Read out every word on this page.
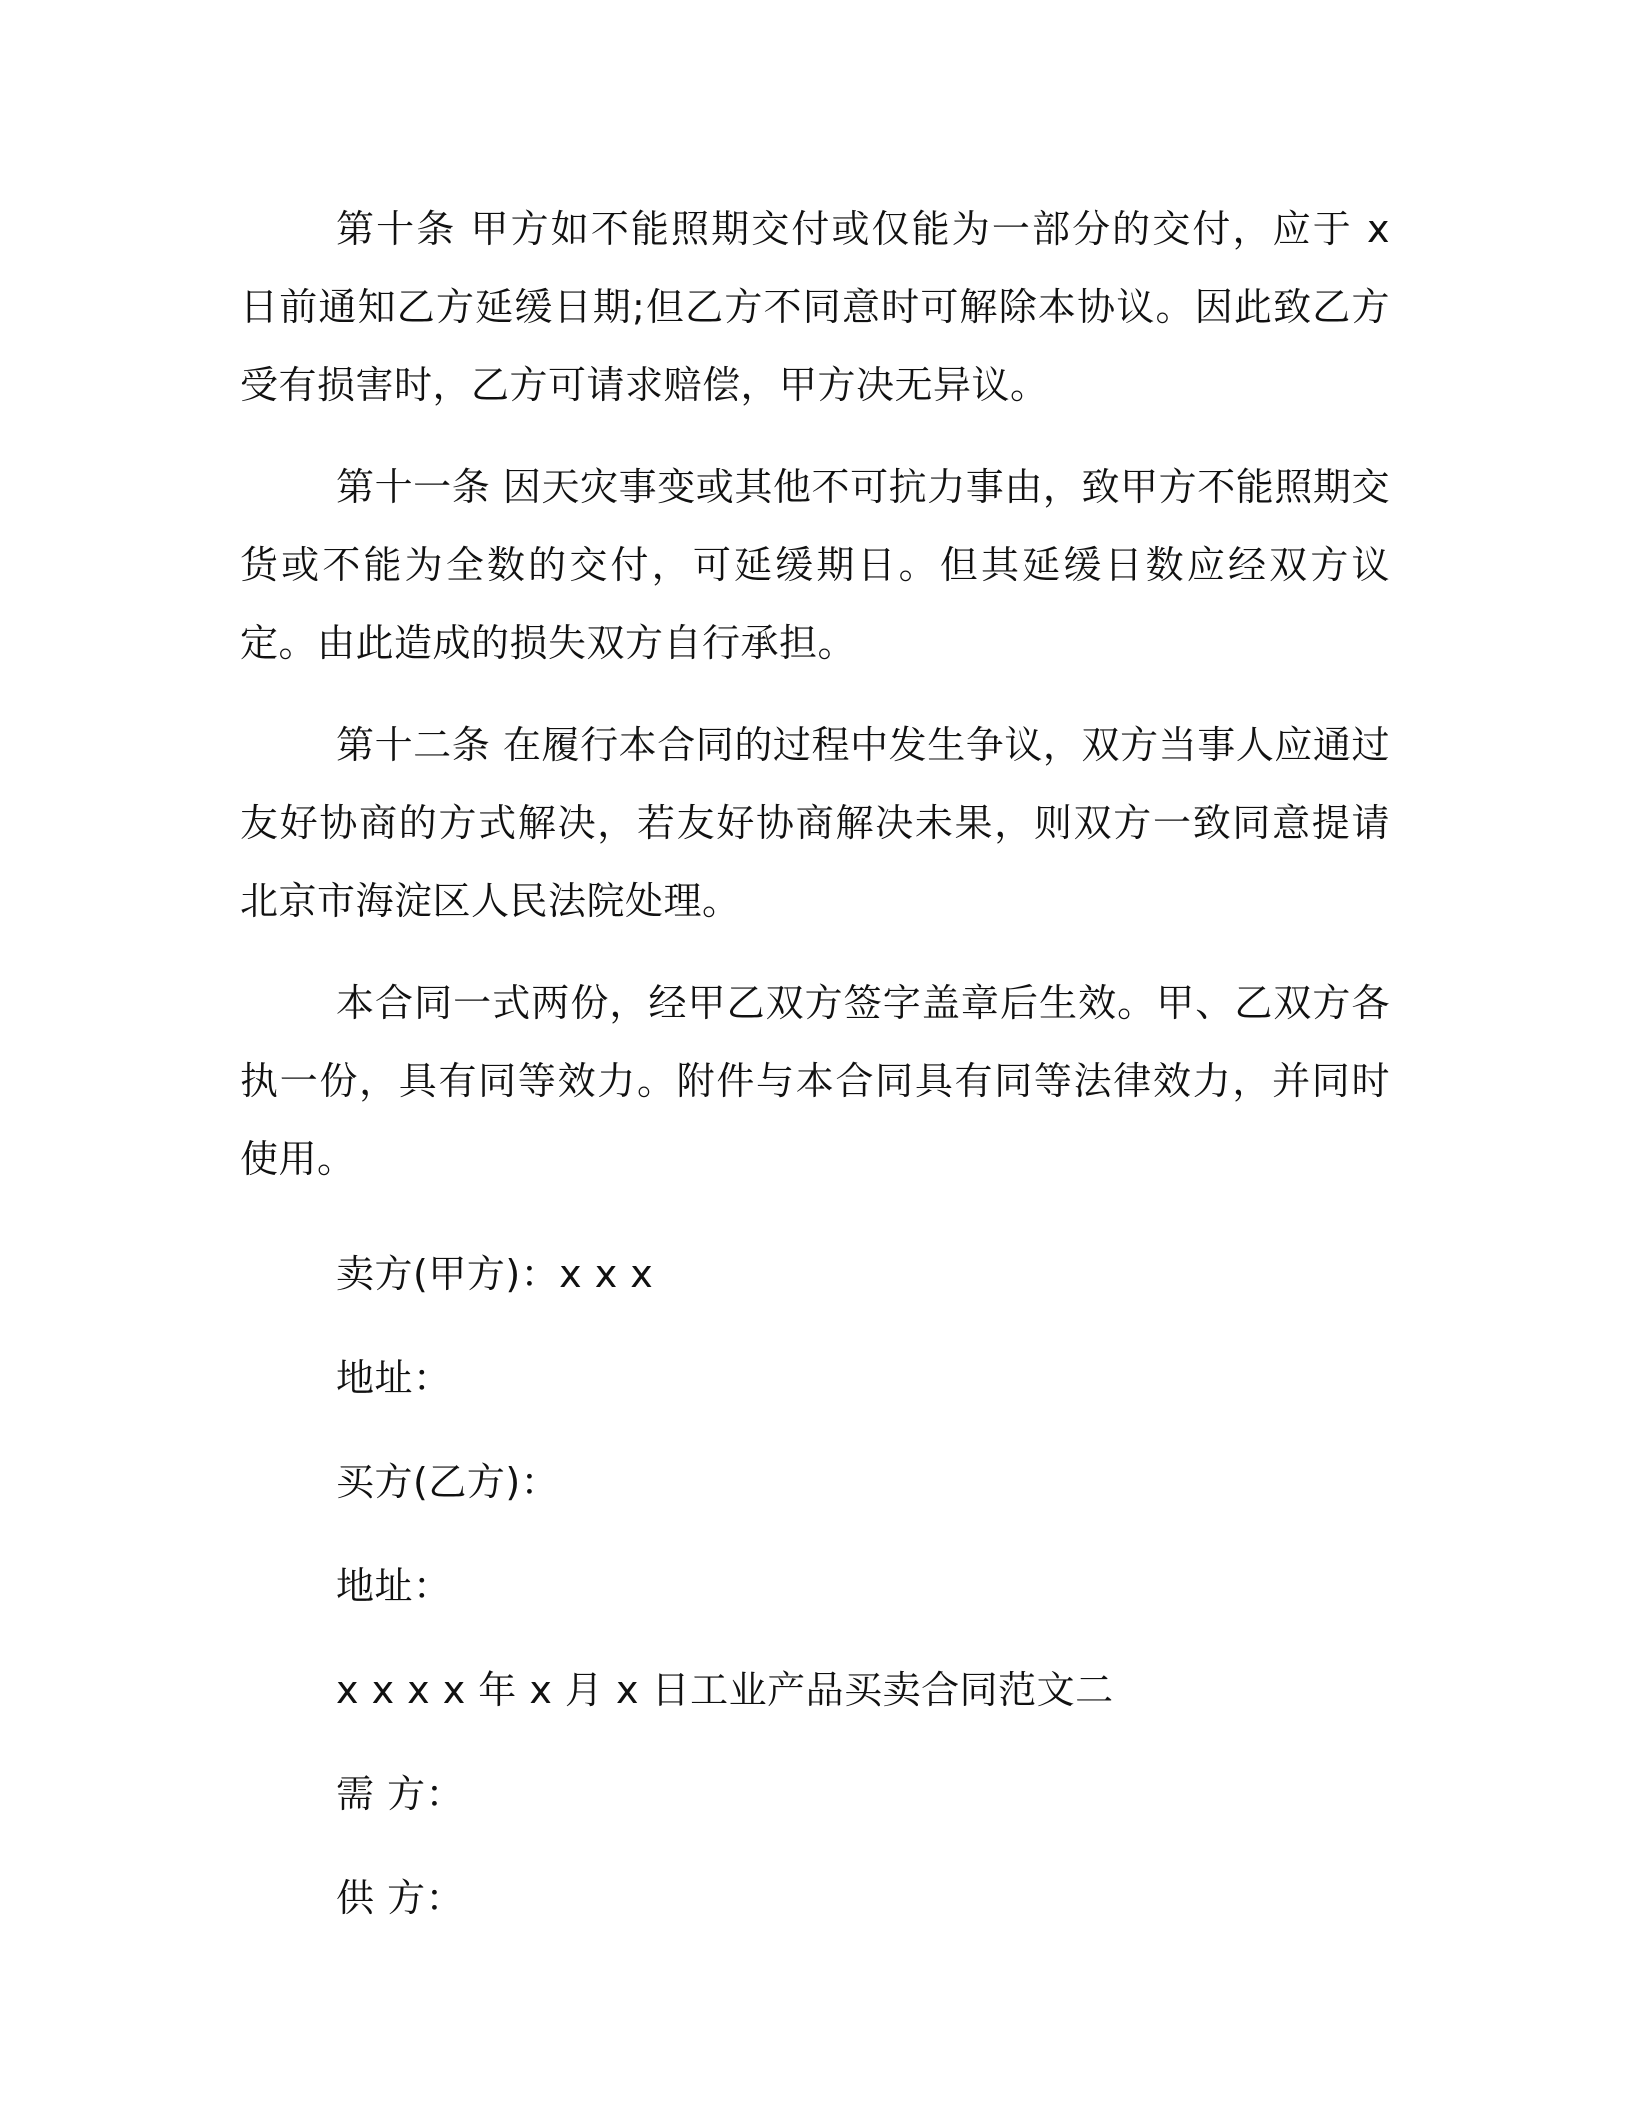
第十条 甲方如不能照期交付或仅能为一部分的交付，应于 x 日前通知乙方延缓日期;但乙方不同意时可解除本协议。因此致乙方受有损害时，乙方可请求赔偿，甲方决无异议。

第十一条 因天灾事变或其他不可抗力事由，致甲方不能照期交货或不能为全数的交付，可延缓期日。但其延缓日数应经双方议定。由此造成的损失双方自行承担。

第十二条 在履行本合同的过程中发生争议，双方当事人应通过友好协商的方式解决，若友好协商解决未果，则双方一致同意提请北京市海淀区人民法院处理。

本合同一式两份，经甲乙双方签字盖章后生效。甲、乙双方各执一份，具有同等效力。附件与本合同具有同等法律效力，并同时使用。

卖方(甲方)：x x x
地址：
买方(乙方)：
地址：
x x x x 年 x 月 x 日工业产品买卖合同范文二
需 方：
供 方：
